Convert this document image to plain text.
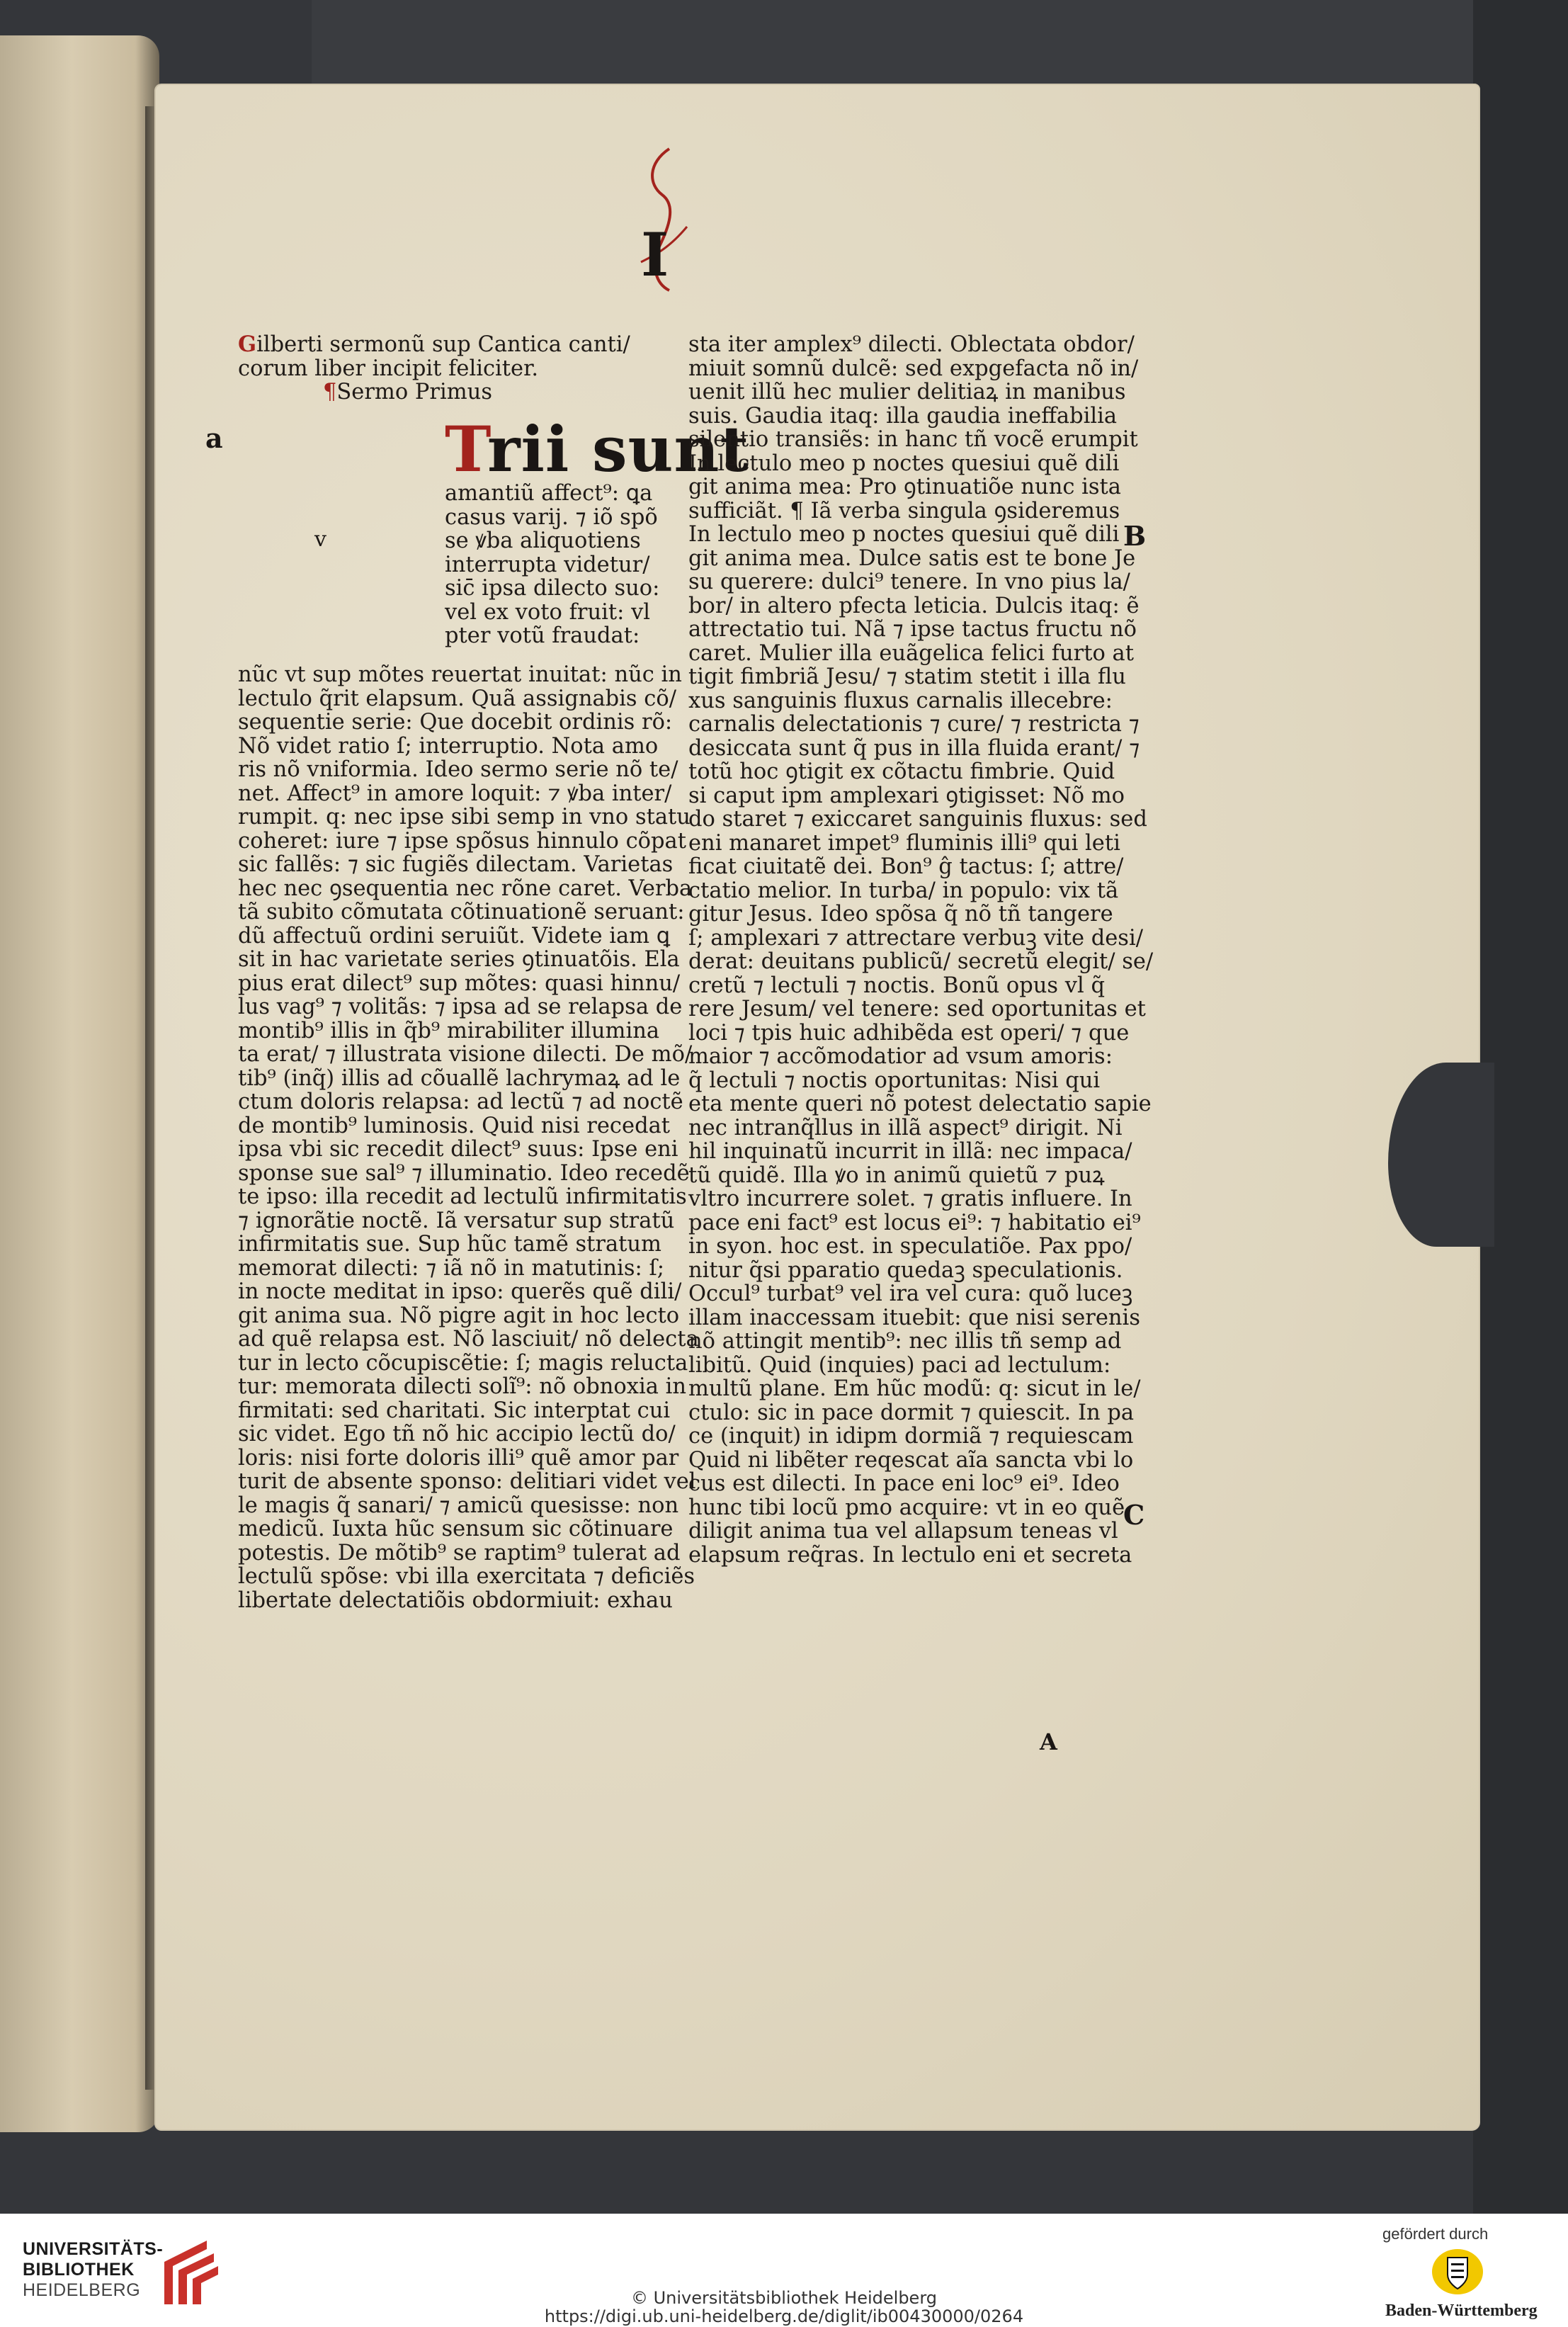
I
Gilberti sermonũ sup Cantica canti/
corum liber incipit feliciter.
¶Sermo Primus
a
v
Trii sunt
amantiũ affect⁹: ꝗa
casus varij. ⁊ iõ spõ
se ꝟba aliquotiens
interrupta videtur/
sic̄ ipsa dilecto suo:
vel ex voto fruit: vl
pter votũ fraudat:
nũc vt sup mõtes reuertat inuitat: nũc in
lectulo q̃rit elapsum. Quã assignabis cõ/
sequentie serie: Que docebit ordinis rõ:
Nõ videt ratio ſ; interruptio. Nota amo
ris nõ vniformia. Ideo sermo serie nõ te/
net. Affect⁹ in amore loquit: ⁊ ꝟba inter/
rumpit. q: nec ipse sibi semp in vno statu
coheret: iure ⁊ ipse spõsus hinnulo cõpat
sic fallẽs: ⁊ sic fugiẽs dilectam. Varietas
hec nec ꝯsequentia nec rõne caret. Verba
tã subito cõmutata cõtinuationẽ seruant:
dũ affectuũ ordini seruiũt. Videte iam ꝗ
sit in hac varietate series ꝯtinuatõis. Ela
pius erat dilect⁹ sup mõtes: quasi hinnu/
lus vag⁹ ⁊ volitãs: ⁊ ipsa ad se relapsa de
montib⁹ illis in q̃b⁹ mirabiliter illumina
ta erat/ ⁊ illustrata visione dilecti. De mõ/
tib⁹ (inq̃) illis ad cõuallẽ lachrymaꝝ ad le
ctum doloris relapsa: ad lectũ ⁊ ad noctẽ
de montib⁹ luminosis. Quid nisi recedat
ipsa vbi sic recedit dilect⁹ suus: Ipse eni
sponse sue sal⁹ ⁊ illuminatio. Ideo recedẽ
te ipso: illa recedit ad lectulũ infirmitatis
⁊ ignorãtie noctẽ. Iã versatur sup stratũ
infirmitatis sue. Sup hũc tamẽ stratum
memorat dilecti: ⁊ iã nõ in matutinis: ſ;
in nocte meditat in ipso: querẽs quẽ dili/
git anima sua. Nõ pigre agit in hoc lecto
ad quẽ relapsa est. Nõ lasciuit/ nõ delecta
tur in lecto cõcupiscẽtie: ſ; magis relucta
tur: memorata dilecti solĩ⁹: nõ obnoxia in
firmitati: sed charitati. Sic interptat cui
sic videt. Ego tñ nõ hic accipio lectũ do/
loris: nisi forte doloris illi⁹ quẽ amor par
turit de absente sponso: delitiari videt vel
le magis q̃ sanari/ ⁊ amicũ quesisse: non
medicũ. Iuxta hũc sensum sic cõtinuare
potestis. De mõtib⁹ se raptim⁹ tulerat ad
lectulũ spõse: vbi illa exercitata ⁊ deficiẽs
libertate delectatiõis obdormiuit: exhau
sta iter amplex⁹ dilecti. Oblectata obdor/
miuit somnũ dulcẽ: sed expgefacta nõ in/
uenit illũ hec mulier delitiaꝝ in manibus
suis. Gaudia itaq: illa gaudia ineffabilia
silentio transiẽs: in hanc tñ vocẽ erumpit
In lectulo meo p noctes quesiui quẽ dili
git anima mea: Pro ꝯtinuatiõe nunc ista
sufficiãt. ¶ Iã verba singula ꝯsideremus
In lectulo meo p noctes quesiui quẽ dili
git anima mea. Dulce satis est te bone Je
su querere: dulci⁹ tenere. In vno pius la/
bor/ in altero pfecta leticia. Dulcis itaq: ẽ
attrectatio tui. Nã ⁊ ipse tactus fructu nõ
caret. Mulier illa euãgelica felici furto at
tigit fimbriã Jesu/ ⁊ statim stetit i illa flu
xus sanguinis fluxus carnalis illecebre:
carnalis delectationis ⁊ cure/ ⁊ restricta ⁊
desiccata sunt q̃ pus in illa fluida erant/ ⁊
totũ hoc ꝯtigit ex cõtactu fimbrie. Quid
si caput ipm amplexari ꝯtigisset: Nõ mo
do staret ⁊ exiccaret sanguinis fluxus: sed
eni manaret impet⁹ fluminis illi⁹ qui leti
ficat ciuitatẽ dei. Bon⁹ ĝ tactus: ſ; attre/
ctatio melior. In turba/ in populo: vix tã
gitur Jesus. Ideo spõsa q̃ nõ tñ tangere
ſ; amplexari ⁊ attrectare verbuꝫ vite desi/
derat: deuitans publicũ/ secretũ elegit/ se/
cretũ ⁊ lectuli ⁊ noctis. Bonũ opus vl q̃
rere Jesum/ vel tenere: sed oportunitas et
loci ⁊ tpis huic adhibẽda est operi/ ⁊ que
maior ⁊ accõmodatior ad vsum amoris:
q̃ lectuli ⁊ noctis oportunitas: Nisi qui
eta mente queri nõ potest delectatio sapie
nec intranq̃llus in illã aspect⁹ dirigit. Ni
hil inquinatũ incurrit in illã: nec impaca/
tũ quidẽ. Illa ꝟo in animũ quietũ ⁊ puꝝ
vltro incurrere solet. ⁊ gratis influere. In
pace eni fact⁹ est locus ei⁹: ⁊ habitatio ei⁹
in syon. hoc est. in speculatiõe. Pax ppo/
nitur q̃si pparatio quedaꝫ speculationis.
Occul⁹ turbat⁹ vel ira vel cura: quõ luceꝫ
illam inaccessam ituebit: que nisi serenis
nõ attingit mentib⁹: nec illis tñ semp ad
libitũ. Quid (inquies) paci ad lectulum:
multũ plane. Em hũc modũ: q: sicut in le/
ctulo: sic in pace dormit ⁊ quiescit. In pa
ce (inquit) in idipm dormiã ⁊ requiescam
Quid ni libẽter reqescat aĩa sancta vbi lo
cus est dilecti. In pace eni loc⁹ ei⁹. Ideo
hunc tibi locũ pmo acquire: vt in eo quẽ
diligit anima tua vel allapsum teneas vl
elapsum req̃ras. In lectulo eni et secreta
B
C
A
UNIVERSITÄTS-
BIBLIOTHEK
HEIDELBERG	© Universitätsbibliothek Heidelberg
https://digi.ub.uni-heidelberg.de/diglit/ib00430000/0264
gefördert durch
Baden-Württemberg
